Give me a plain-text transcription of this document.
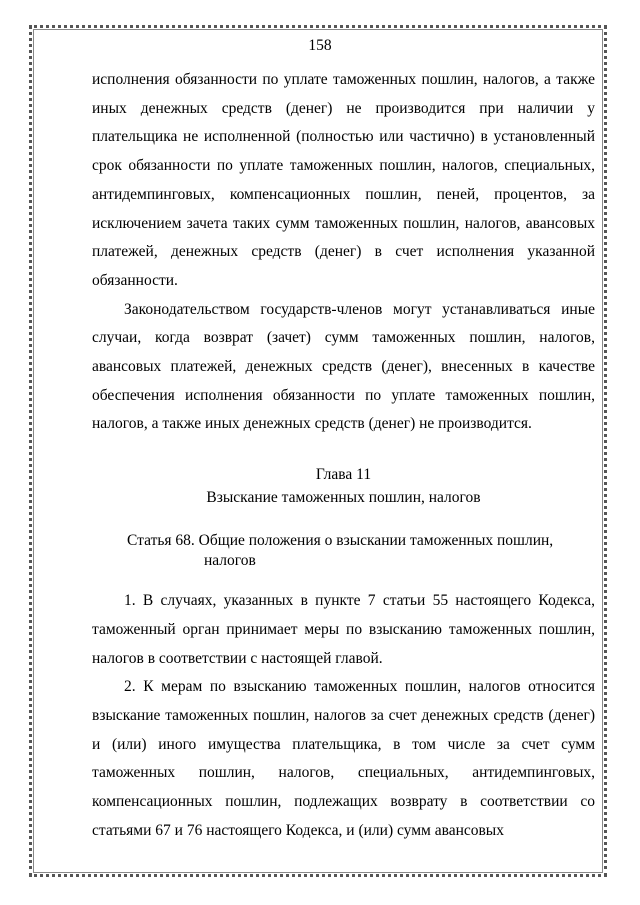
158

исполнения обязанности по уплате таможенных пошлин, налогов, а также иных денежных средств (денег) не производится при наличии у плательщика не исполненной (полностью или частично) в установленный срок обязанности по уплате таможенных пошлин, налогов, специальных, антидемпинговых, компенсационных пошлин, пеней, процентов, за исключением зачета таких сумм таможенных пошлин, налогов, авансовых платежей, денежных средств (денег) в счет исполнения указанной обязанности.

Законодательством государств-членов могут устанавливаться иные случаи, когда возврат (зачет) сумм таможенных пошлин, налогов, авансовых платежей, денежных средств (денег), внесенных в качестве обеспечения исполнения обязанности по уплате таможенных пошлин, налогов, а также иных денежных средств (денег) не производится.

Глава 11

Взыскание таможенных пошлин, налогов

Статья 68. Общие положения о взыскании таможенных пошлин,
налогов

1. В случаях, указанных в пункте 7 статьи 55 настоящего Кодекса, таможенный орган принимает меры по взысканию таможенных пошлин, налогов в соответствии с настоящей главой.

2. К мерам по взысканию таможенных пошлин, налогов относится взыскание таможенных пошлин, налогов за счет денежных средств (денег) и (или) иного имущества плательщика, в том числе за счет сумм таможенных пошлин, налогов, специальных, антидемпинговых, компенсационных пошлин, подлежащих возврату в соответствии со статьями 67 и 76 настоящего Кодекса, и (или) сумм авансовых
